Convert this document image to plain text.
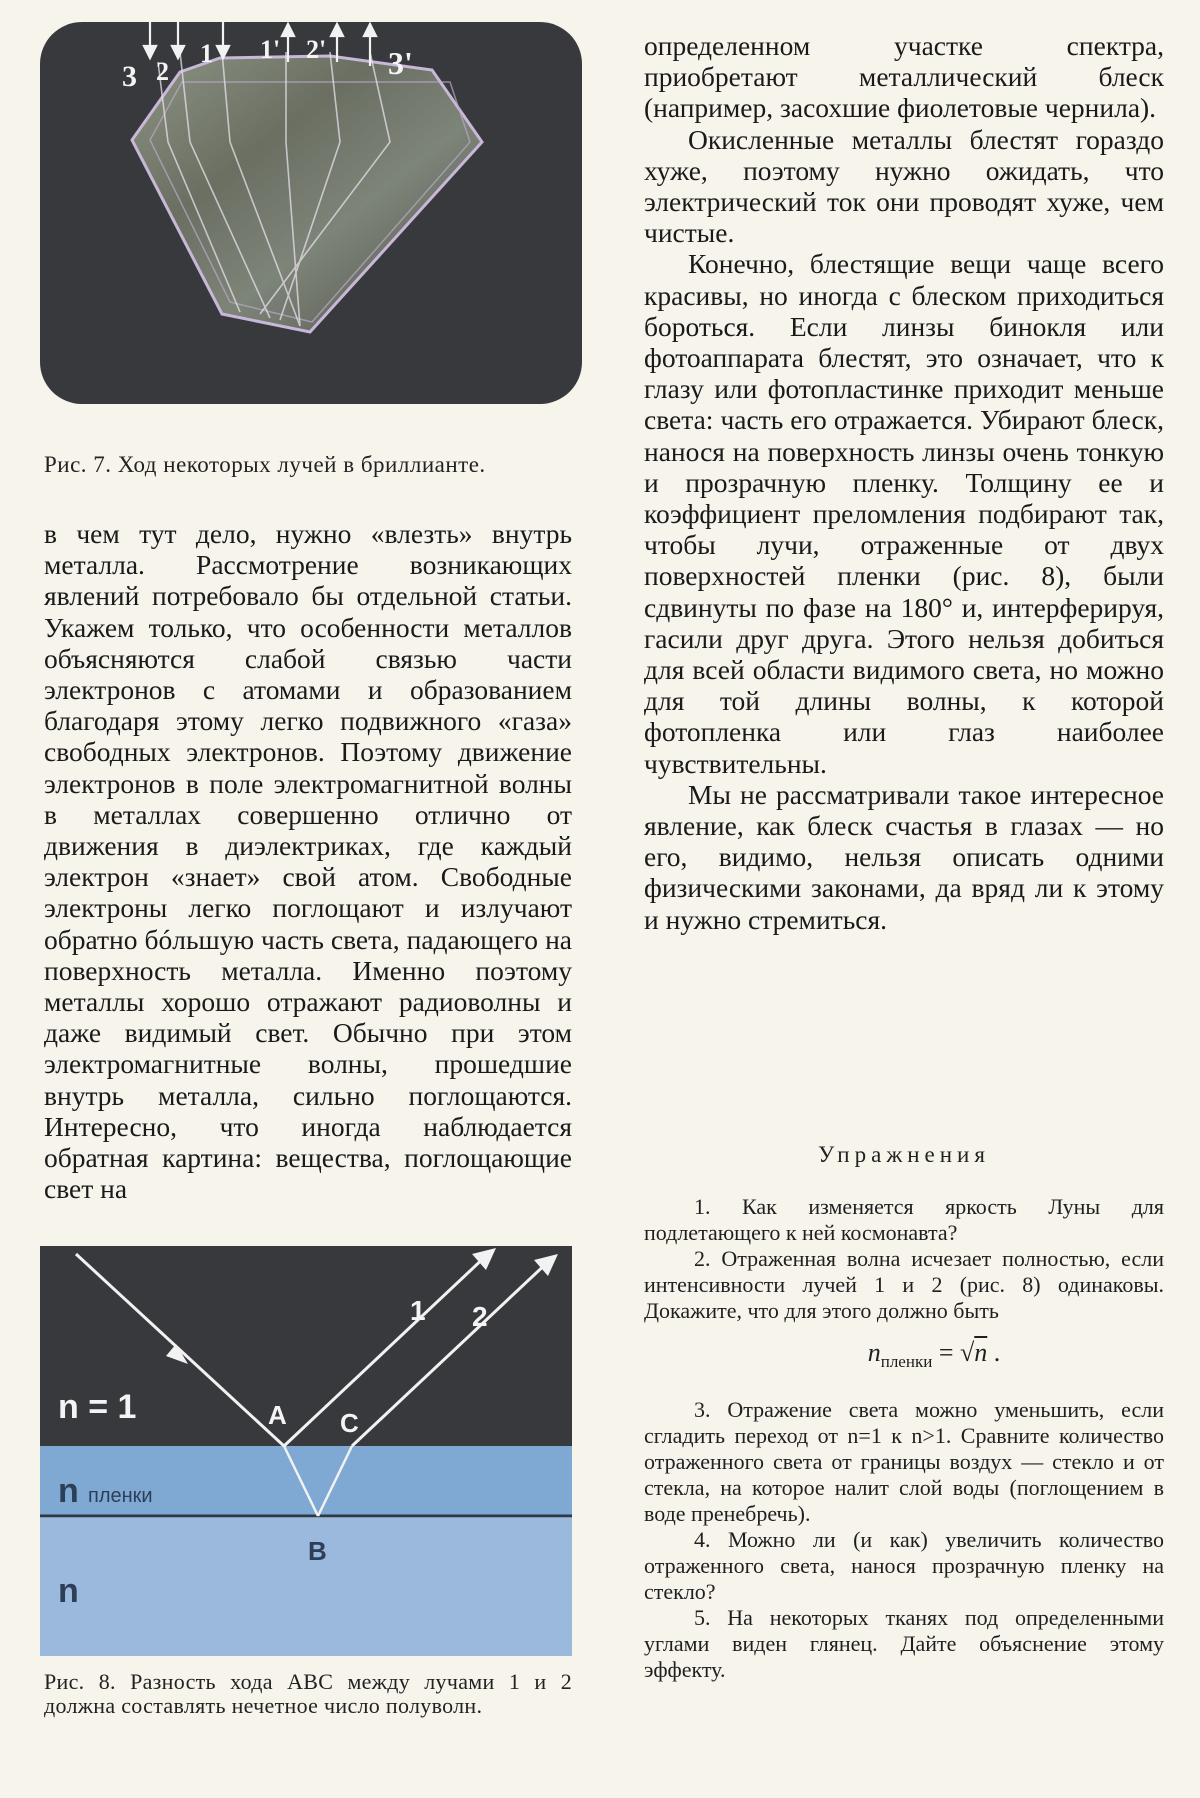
3 2
1 1' 2' 3'
Рис. 7. Ход некоторых лучей в бриллианте.

в чем тут дело, нужно «влезть» внутрь металла. Рассмотрение возникающих явлений потребовало бы отдельной статьи. Укажем только, что особенности металлов объясняются слабой связью части электронов с атомами и образованием благодаря этому легко подвижного «газа» свободных электронов. Поэтому движение электронов в поле электромагнитной волны в металлах совершенно отлично от движения в диэлектриках, где каждый электрон «знает» свой атом. Свободные электроны легко поглощают и излучают обратно бóльшую часть света, падающего на поверхность металла. Именно поэтому металлы хорошо отражают радиоволны и даже видимый свет. Обычно при этом электромагнитные волны, прошедшие внутрь металла, сильно поглощаются. Интересно, что иногда наблюдается обратная картина: вещества, поглощающие свет на

n = 1	A C
1 2
n пленки
B
n
Рис. 8. Разность хода ABC между лучами 1 и 2 должна составлять нечетное число полуволн.

определенном участке спектра, приобретают металлический блеск (например, засохшие фиолетовые чернила).

Окисленные металлы блестят гораздо хуже, поэтому нужно ожидать, что электрический ток они проводят хуже, чем чистые.

Конечно, блестящие вещи чаще всего красивы, но иногда с блеском приходиться бороться. Если линзы бинокля или фотоаппарата блестят, это означает, что к глазу или фотопластинке приходит меньше света: часть его отражается. Убирают блеск, нанося на поверхность линзы очень тонкую и прозрачную пленку. Толщину ее и коэффициент преломления подбирают так, чтобы лучи, отраженные от двух поверхностей пленки (рис. 8), были сдвинуты по фазе на 180° и, интерферируя, гасили друг друга. Этого нельзя добиться для всей области видимого света, но можно для той длины волны, к которой фотопленка или глаз наиболее чувствительны.

Мы не рассматривали такое интересное явление, как блеск счастья в глазах — но его, видимо, нельзя описать одними физическими законами, да вряд ли к этому и нужно стремиться.

Упражнения

1. Как изменяется яркость Луны для подлетающего к ней космонавта?

2. Отраженная волна исчезает полностью, если интенсивности лучей 1 и 2 (рис. 8) одинаковы. Докажите, что для этого должно быть

$n_{пленки} = √n$ .

3. Отражение света можно уменьшить, если сгладить переход от n=1 к n>1. Сравните количество отраженного света от границы воздух — стекло и от стекла, на которое налит слой воды (поглощением в воде пренебречь).

4. Можно ли (и как) увеличить количество отраженного света, нанося прозрачную пленку на стекло?

5. На некоторых тканях под определенными углами виден глянец. Дайте объяснение этому эффекту.
